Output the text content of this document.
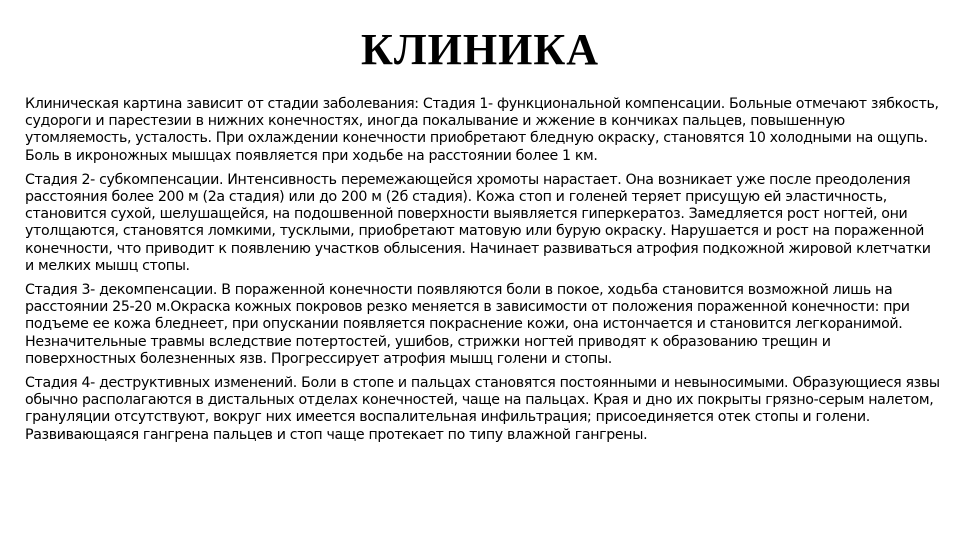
КЛИНИКА

Клиническая картина зависит от стадии заболевания: Стадия 1- функциональной компенсации. Больные отмечают зябкость, судороги и парестезии в нижних конечностях, иногда покалывание и жжение в кончиках пальцев, повышенную утомляемость, усталость. При охлаждении конечности приобретают бледную окраску, становятся 10 холодными на ощупь. Боль в икроножных мышцах появляется при ходьбе на расстоянии более 1 км.

Стадия 2- субкомпенсации. Интенсивность перемежающейся хромоты нарастает. Она возникает уже после преодоления расстояния более 200 м (2а стадия) или до 200 м (2б стадия). Кожа стоп и голеней теряет присущую ей эластичность, становится сухой, шелушащейся, на подошвенной поверхности выявляется гиперкератоз. Замедляется рост ногтей, они утолщаются, становятся ломкими, тусклыми, приобретают матовую или бурую окраску. Нарушается и рост на пораженной конечности, что приводит к появлению участков облысения. Начинает развиваться атрофия подкожной жировой клетчатки и мелких мышц стопы.

Стадия 3- декомпенсации. В пораженной конечности появляются боли в покое, ходьба становится возможной лишь на расстоянии 25-20 м.Окраска кожных покровов резко меняется в зависимости от положения пораженной конечности: при подъеме ее кожа бледнеет, при опускании появляется покраснение кожи, она истончается и становится легкоранимой. Незначительные травмы вследствие потертостей, ушибов, стрижки ногтей приводят к образованию трещин и поверхностных болезненных язв. Прогрессирует атрофия мышц голени и стопы.

Стадия 4- деструктивных изменений. Боли в стопе и пальцах становятся постоянными и невыносимыми. Образующиеся язвы обычно располагаются в дистальных отделах конечностей, чаще на пальцах. Края и дно их покрыты грязно-серым налетом, грануляции отсутствуют, вокруг них имеется воспалительная инфильтрация; присоединяется отек стопы и голени. Развивающаяся гангрена пальцев и стоп чаще протекает по типу влажной гангрены.
